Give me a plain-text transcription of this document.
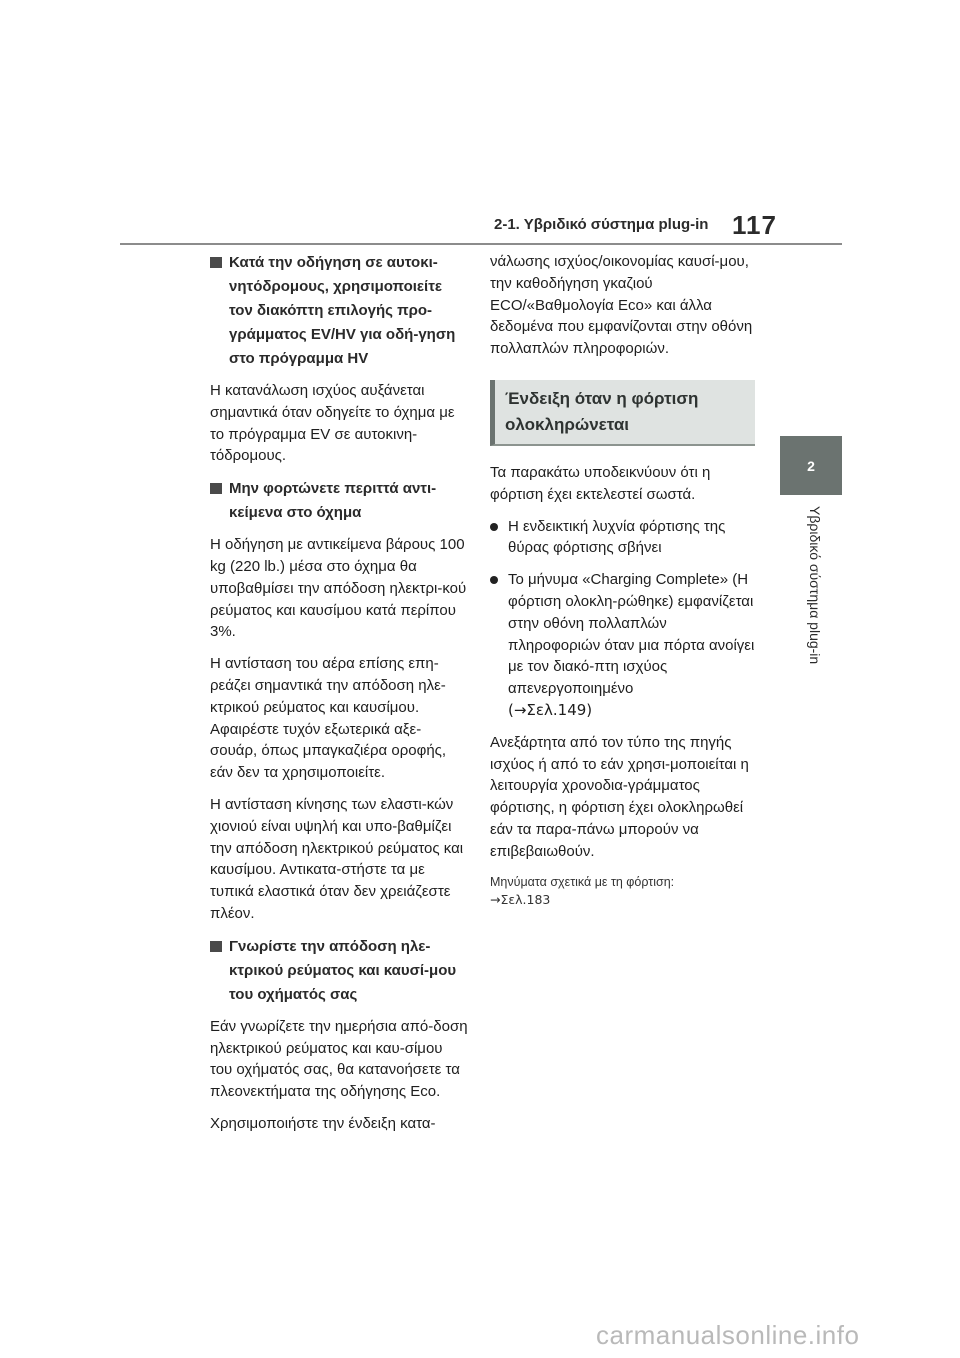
2-1. Υβριδικό σύστημα plug-in 117
2
Υβριδικό σύστημα plug-in
Κατά την οδήγηση σε αυτοκι-νητόδρομους, χρησιμοποιείτε τον διακόπτη επιλογής προ-γράμματος EV/HV για οδή-γηση στο πρόγραμμα HV

Η κατανάλωση ισχύος αυξάνεται σημαντικά όταν οδηγείτε το όχημα με το πρόγραμμα EV σε αυτοκινη-τόδρομους.

Μην φορτώνετε περιττά αντι-κείμενα στο όχημα

Η οδήγηση με αντικείμενα βάρους 100 kg (220 lb.) μέσα στο όχημα θα υποβαθμίσει την απόδοση ηλεκτρι-κού ρεύματος και καυσίμου κατά περίπου 3%.

Η αντίσταση του αέρα επίσης επη-ρεάζει σημαντικά την απόδοση ηλε-κτρικού ρεύματος και καυσίμου. Αφαιρέστε τυχόν εξωτερικά αξε-σουάρ, όπως μπαγκαζιέρα οροφής, εάν δεν τα χρησιμοποιείτε.

Η αντίσταση κίνησης των ελαστι-κών χιονιού είναι υψηλή και υπο-βαθμίζει την απόδοση ηλεκτρικού ρεύματος και καυσίμου. Αντικατα-στήστε τα με τυπικά ελαστικά όταν δεν χρειάζεστε πλέον.

Γνωρίστε την απόδοση ηλε-κτρικού ρεύματος και καυσί-μου του οχήματός σας

Εάν γνωρίζετε την ημερήσια από-δοση ηλεκτρικού ρεύματος και καυ-σίμου του οχήματός σας, θα κατανοήσετε τα πλεονεκτήματα της οδήγησης Eco.

Χρησιμοποιήστε την ένδειξη κατα-

νάλωσης ισχύος/οικονομίας καυσί-μου, την καθοδήγηση γκαζιού ECO/«Βαθμολογία Eco» και άλλα δεδομένα που εμφανίζονται στην οθόνη πολλαπλών πληροφοριών.

Ένδειξη όταν η φόρτιση ολοκληρώνεται

Τα παρακάτω υποδεικνύουν ότι η φόρτιση έχει εκτελεστεί σωστά.

Η ενδεικτική λυχνία φόρτισης της θύρας φόρτισης σβήνει
Το μήνυμα «Charging Complete» (Η φόρτιση ολοκλη-ρώθηκε) εμφανίζεται στην οθόνη πολλαπλών πληροφοριών όταν μια πόρτα ανοίγει με τον διακό-πτη ισχύος απενεργοποιημένο
(→Σελ.149)

Ανεξάρτητα από τον τύπο της πηγής ισχύος ή από το εάν χρησι-μοποιείται η λειτουργία χρονοδια-γράμματος φόρτισης, η φόρτιση έχει ολοκληρωθεί εάν τα παρα-πάνω μπορούν να επιβεβαιωθούν.

Μηνύματα σχετικά με τη φόρτιση:
→Σελ.183
carmanualsonline.info
